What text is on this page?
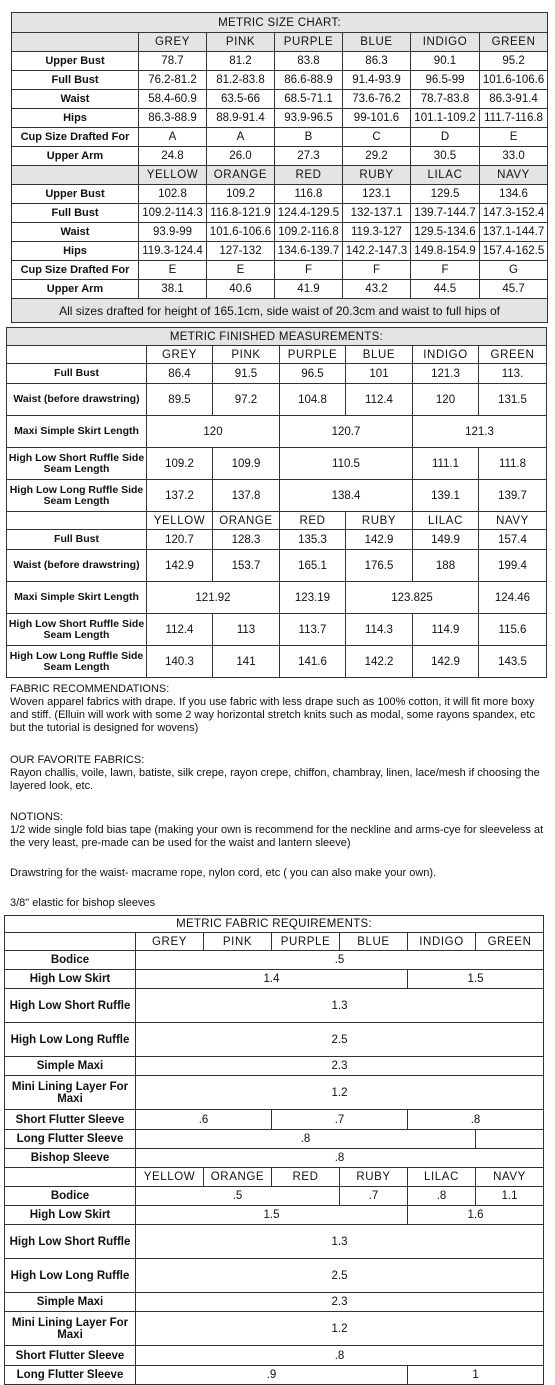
METRIC SIZE CHART:						
	GREY	PINK	PURPLE	BLUE	INDIGO	GREEN
Upper Bust	78.7	81.2	83.8	86.3	90.1	95.2
Full Bust	76.2-81.2	81.2-83.8	86.6-88.9	91.4-93.9	96.5-99	101.6-106.6
Waist	58.4-60.9	63.5-66	68.5-71.1	73.6-76.2	78.7-83.8	86.3-91.4
Hips	86.3-88.9	88.9-91.4	93.9-96.5	99-101.6	101.1-109.2	111.7-116.8
Cup Size Drafted For	A	A	B	C	D	E
Upper Arm	24.8	26.0	27.3	29.2	30.5	33.0
	YELLOW	ORANGE	RED	RUBY	LILAC	NAVY
Upper Bust	102.8	109.2	116.8	123.1	129.5	134.6
Full Bust	109.2-114.3	116.8-121.9	124.4-129.5	132-137.1	139.7-144.7	147.3-152.4
Waist	93.9-99	101.6-106.6	109.2-116.8	119.3-127	129.5-134.6	137.1-144.7
Hips	119.3-124.4	127-132	134.6-139.7	142.2-147.3	149.8-154.9	157.4-162.5
Cup Size Drafted For	E	E	F	F	F	G
Upper Arm	38.1	40.6	41.9	43.2	44.5	45.7
All sizes drafted for height of 165.1cm, side waist of 20.3cm and waist to full hips of						
METRIC FINISHED MEASUREMENTS:						
	GREY	PINK	PURPLE	BLUE	INDIGO	GREEN
Full Bust	86.4	91.5	96.5	101	121.3	113.
Waist (before drawstring)	89.5	97.2	104.8	112.4	120	131.5
Maxi Simple Skirt Length	120		120.7		121.3	
High Low Short Ruffle Side Seam Length	109.2	109.9	110.5		111.1	111.8
High Low Long Ruffle Side Seam Length	137.2	137.8	138.4		139.1	139.7
	YELLOW	ORANGE	RED	RUBY	LILAC	NAVY
Full Bust	120.7	128.3	135.3	142.9	149.9	157.4
Waist (before drawstring)	142.9	153.7	165.1	176.5	188	199.4
Maxi Simple Skirt Length	121.92		123.19	123.825		124.46
High Low Short Ruffle Side Seam Length	112.4	113	113.7	114.3	114.9	115.6
High Low Long Ruffle Side Seam Length	140.3	141	141.6	142.2	142.9	143.5

FABRIC RECOMMENDATIONS:

Woven apparel fabrics with drape. If you use fabric with less drape such as 100% cotton, it will fit more boxy and stiff. (Elluin will work with some 2 way horizontal stretch knits such as modal, some rayons spandex, etc but the tutorial is designed for wovens)

OUR FAVORITE FABRICS:

Rayon challis, voile, lawn, batiste, silk crepe, rayon crepe, chiffon, chambray, linen, lace/mesh if choosing the layered look, etc.

NOTIONS:

1/2 wide single fold bias tape (making your own is recommend for the neckline and arms-cye for sleeveless at the very least, pre-made can be used for the waist and lantern sleeve)

Drawstring for the waist- macrame rope, nylon cord, etc ( you can also make your own).

3/8" elastic for bishop sleeves

METRIC FABRIC REQUIREMENTS:						
	GREY	PINK	PURPLE	BLUE	INDIGO	GREEN
Bodice	.5					
High Low Skirt	1.4				1.5	
High Low Short Ruffle	1.3					
High Low Long Ruffle	2.5					
Simple Maxi	2.3					
Mini Lining Layer For Maxi	1.2					
Short Flutter Sleeve	.6		.7		.8	
Long Flutter Sleeve	.8					
Bishop Sleeve	.8					
	YELLOW	ORANGE	RED	RUBY	LILAC	NAVY
Bodice	.5			.7	.8	1.1
High Low Skirt	1.5				1.6	
High Low Short Ruffle	1.3					
High Low Long Ruffle	2.5					
Simple Maxi	2.3					
Mini Lining Layer For Maxi	1.2					
Short Flutter Sleeve	.8					
Long Flutter Sleeve	.9				1	
